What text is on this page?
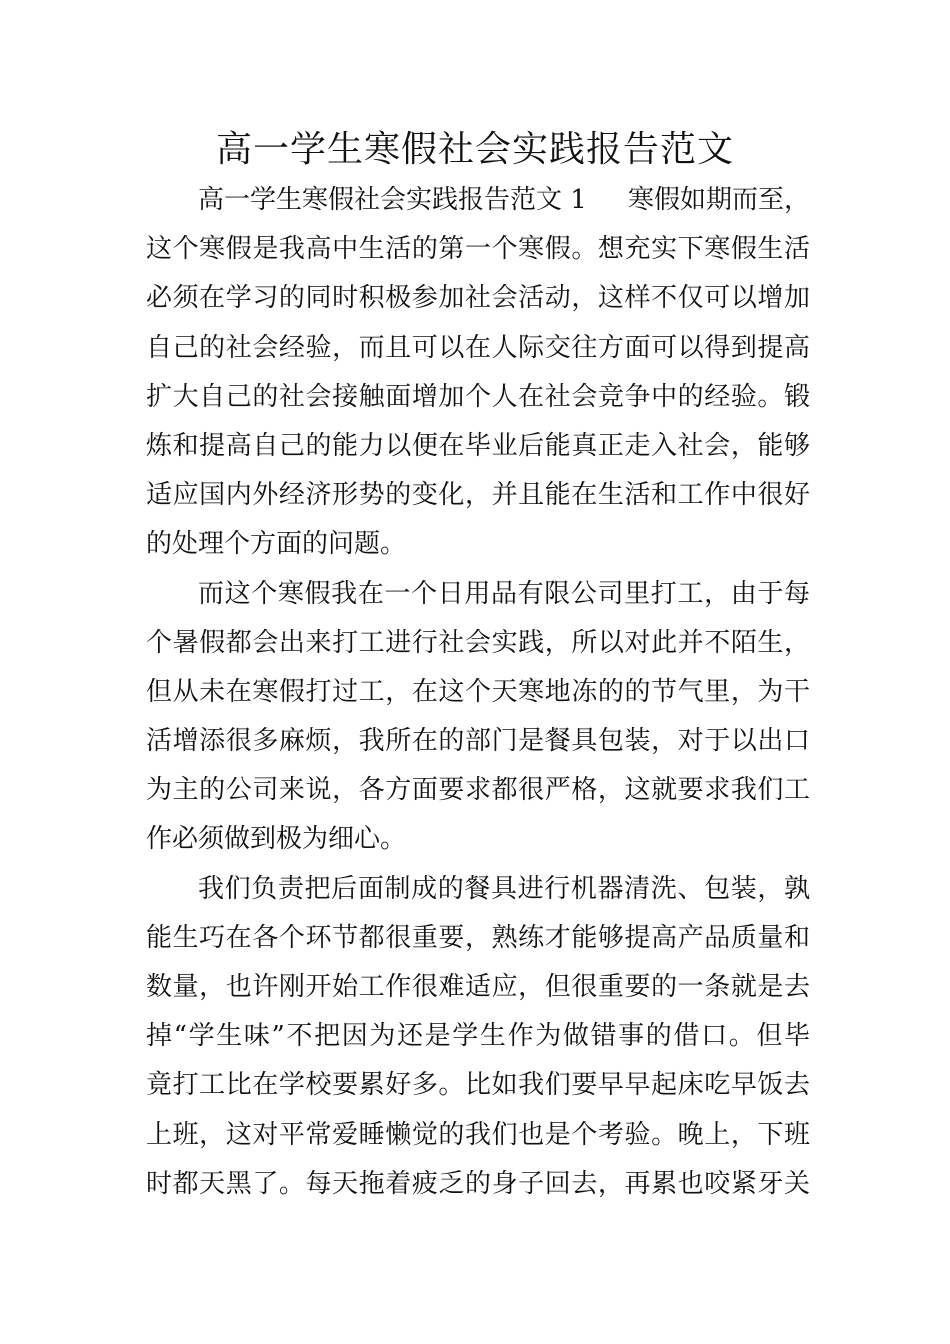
高一学生寒假社会实践报告范文
高一学生寒假社会实践报告范文 1 寒假如期而至，
这个寒假是我高中生活的第一个寒假。想充实下寒假生活
必须在学习的同时积极参加社会活动，这样不仅可以增加
自己的社会经验，而且可以在人际交往方面可以得到提高
扩大自己的社会接触面增加个人在社会竞争中的经验。锻
炼和提高自己的能力以便在毕业后能真正走入社会，能够
适应国内外经济形势的变化，并且能在生活和工作中很好
的处理个方面的问题。
而这个寒假我在一个日用品有限公司里打工，由于每
个暑假都会出来打工进行社会实践，所以对此并不陌生，
但从未在寒假打过工，在这个天寒地冻的的节气里，为干
活增添很多麻烦，我所在的部门是餐具包装，对于以出口
为主的公司来说，各方面要求都很严格，这就要求我们工
作必须做到极为细心。
我们负责把后面制成的餐具进行机器清洗、包装，孰
能生巧在各个环节都很重要，熟练才能够提高产品质量和
数量，也许刚开始工作很难适应，但很重要的一条就是去
掉“学生味”不把因为还是学生作为做错事的借口。但毕
竟打工比在学校要累好多。比如我们要早早起床吃早饭去
上班，这对平常爱睡懒觉的我们也是个考验。晚上，下班
时都天黑了。每天拖着疲乏的身子回去，再累也咬紧牙关
